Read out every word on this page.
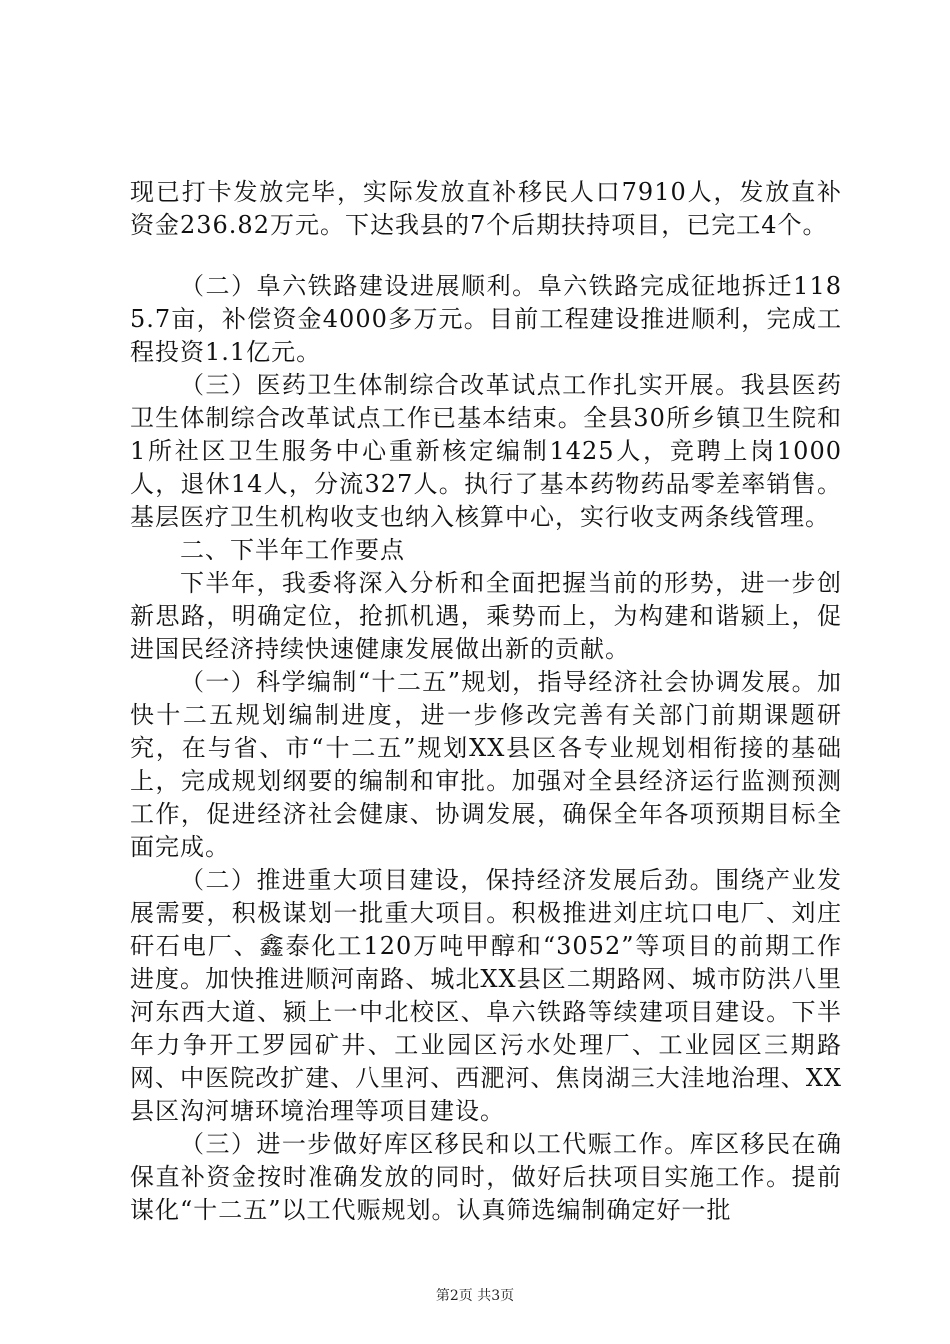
现已打卡发放完毕，实际发放直补移民人口7910人，发放直补资金236.82万元。下达我县的7个后期扶持项目，已完工4个。

（二）阜六铁路建设进展顺利。阜六铁路完成征地拆迁1185.7亩，补偿资金4000多万元。目前工程建设推进顺利，完成工程投资1.1亿元。

（三）医药卫生体制综合改革试点工作扎实开展。我县医药卫生体制综合改革试点工作已基本结束。全县30所乡镇卫生院和1所社区卫生服务中心重新核定编制1425人，竞聘上岗1000人，退休14人，分流327人。执行了基本药物药品零差率销售。基层医疗卫生机构收支也纳入核算中心，实行收支两条线管理。

二、下半年工作要点

下半年，我委将深入分析和全面把握当前的形势，进一步创新思路，明确定位，抢抓机遇，乘势而上，为构建和谐颍上，促进国民经济持续快速健康发展做出新的贡献。

（一）科学编制“十二五”规划，指导经济社会协调发展。加快十二五规划编制进度，进一步修改完善有关部门前期课题研究，在与省、市“十二五”规划XX县区各专业规划相衔接的基础上，完成规划纲要的编制和审批。加强对全县经济运行监测预测工作，促进经济社会健康、协调发展，确保全年各项预期目标全面完成。

（二）推进重大项目建设，保持经济发展后劲。围绕产业发展需要，积极谋划一批重大项目。积极推进刘庄坑口电厂、刘庄矸石电厂、鑫泰化工120万吨甲醇和“3052”等项目的前期工作进度。加快推进顺河南路、城北XX县区二期路网、城市防洪八里河东西大道、颍上一中北校区、阜六铁路等续建项目建设。下半年力争开工罗园矿井、工业园区污水处理厂、工业园区三期路网、中医院改扩建、八里河、西淝河、焦岗湖三大洼地治理、XX县区沟河塘环境治理等项目建设。

（三）进一步做好库区移民和以工代赈工作。库区移民在确保直补资金按时准确发放的同时，做好后扶项目实施工作。提前谋化“十二五”以工代赈规划。认真筛选编制确定好一批

第2页 共3页
